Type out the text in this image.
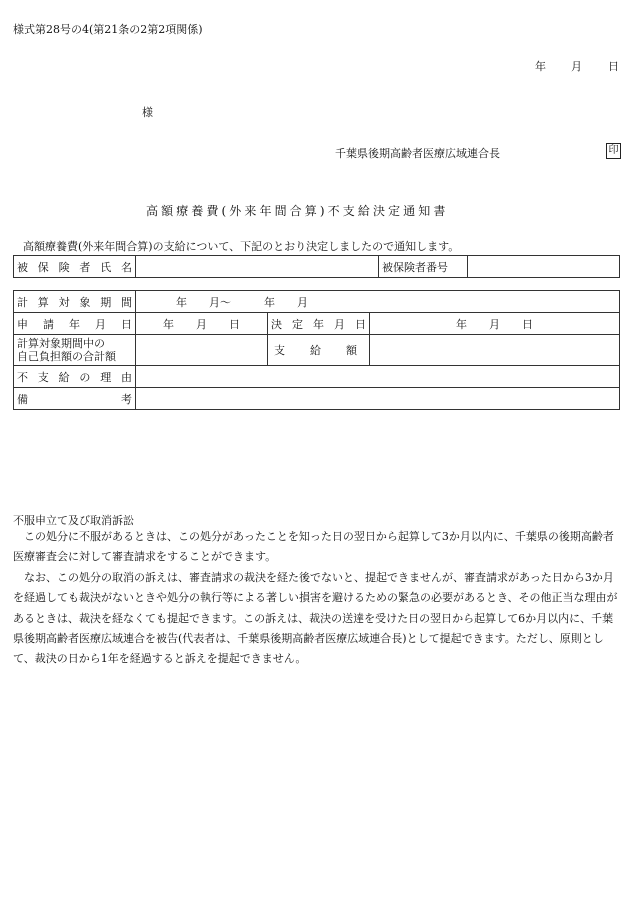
様式第28号の4(第21条の2第2項関係)
年 月 日
様
千葉県後期高齢者医療広域連合長	印
高額療養費(外来年間合算)不支給決定通知書
高額療養費(外来年間合算)の支給について、下記のとおり決定しましたので通知します。
被保険者氏名		被保険者番号	
計算対象期間	年　　月～　　　年　　月		
申請年月日	年　　月　　日	決定年月日	年　　月　　日
計算対象期間中の
自己負担額の合計額		支給額	
不支給の理由			
備考			
不服申立て及び取消訴訟
この処分に不服があるときは、この処分があったことを知った日の翌日から起算して3か月以内に、千葉県の後期高齢者医療審査会に対して審査請求をすることができます。
なお、この処分の取消の訴えは、審査請求の裁決を経た後でないと、提起できませんが、審査請求があった日から3か月を経過しても裁決がないときや処分の執行等による著しい損害を避けるための緊急の必要があるとき、その他正当な理由があるときは、裁決を経なくても提起できます。この訴えは、裁決の送達を受けた日の翌日から起算して6か月以内に、千葉県後期高齢者医療広域連合を被告(代表者は、千葉県後期高齢者医療広域連合長)として提起できます。ただし、原則として、裁決の日から1年を経過すると訴えを提起できません。
